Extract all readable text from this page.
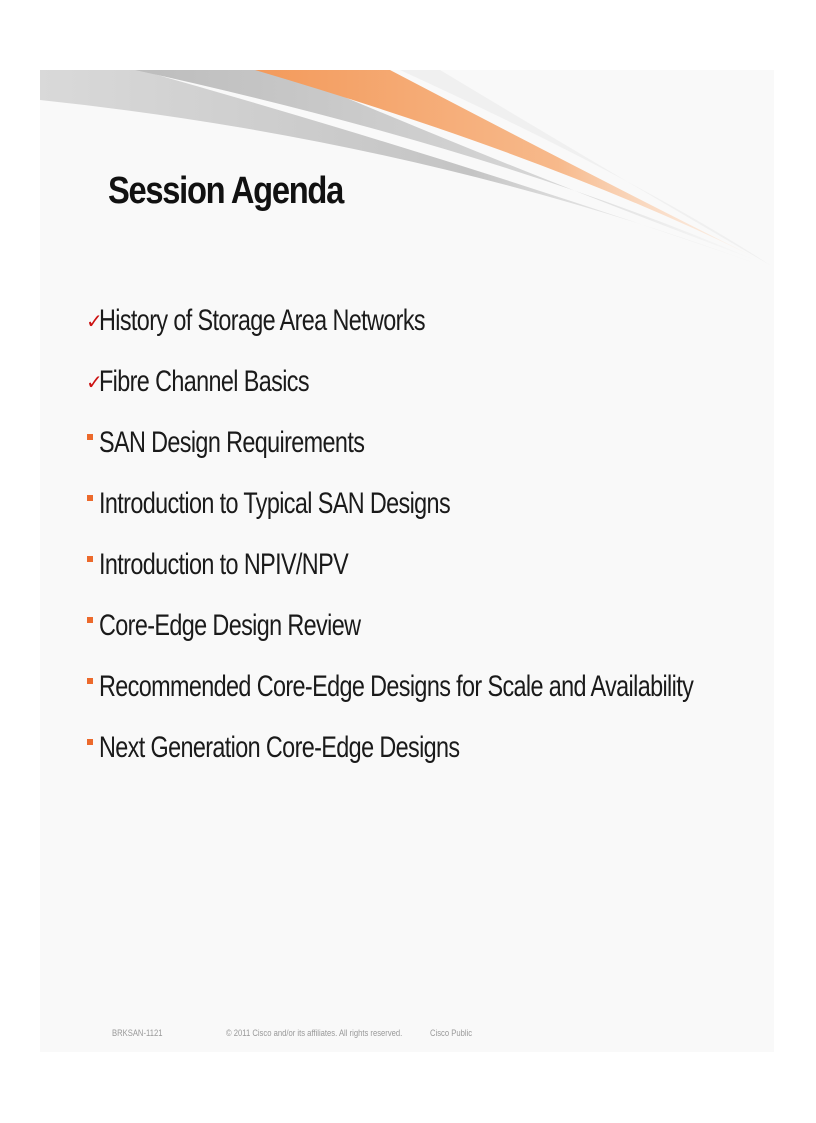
Session Agenda
✓
History of Storage Area Networks
✓
Fibre Channel Basics
SAN Design Requirements
Introduction to Typical SAN Designs
Introduction to NPIV/NPV
Core-Edge Design Review
Recommended Core-Edge Designs for Scale and Availability
Next Generation Core-Edge Designs
BRKSAN-1121	© 2011 Cisco and/or its affiliates. All rights reserved.	Cisco Public
